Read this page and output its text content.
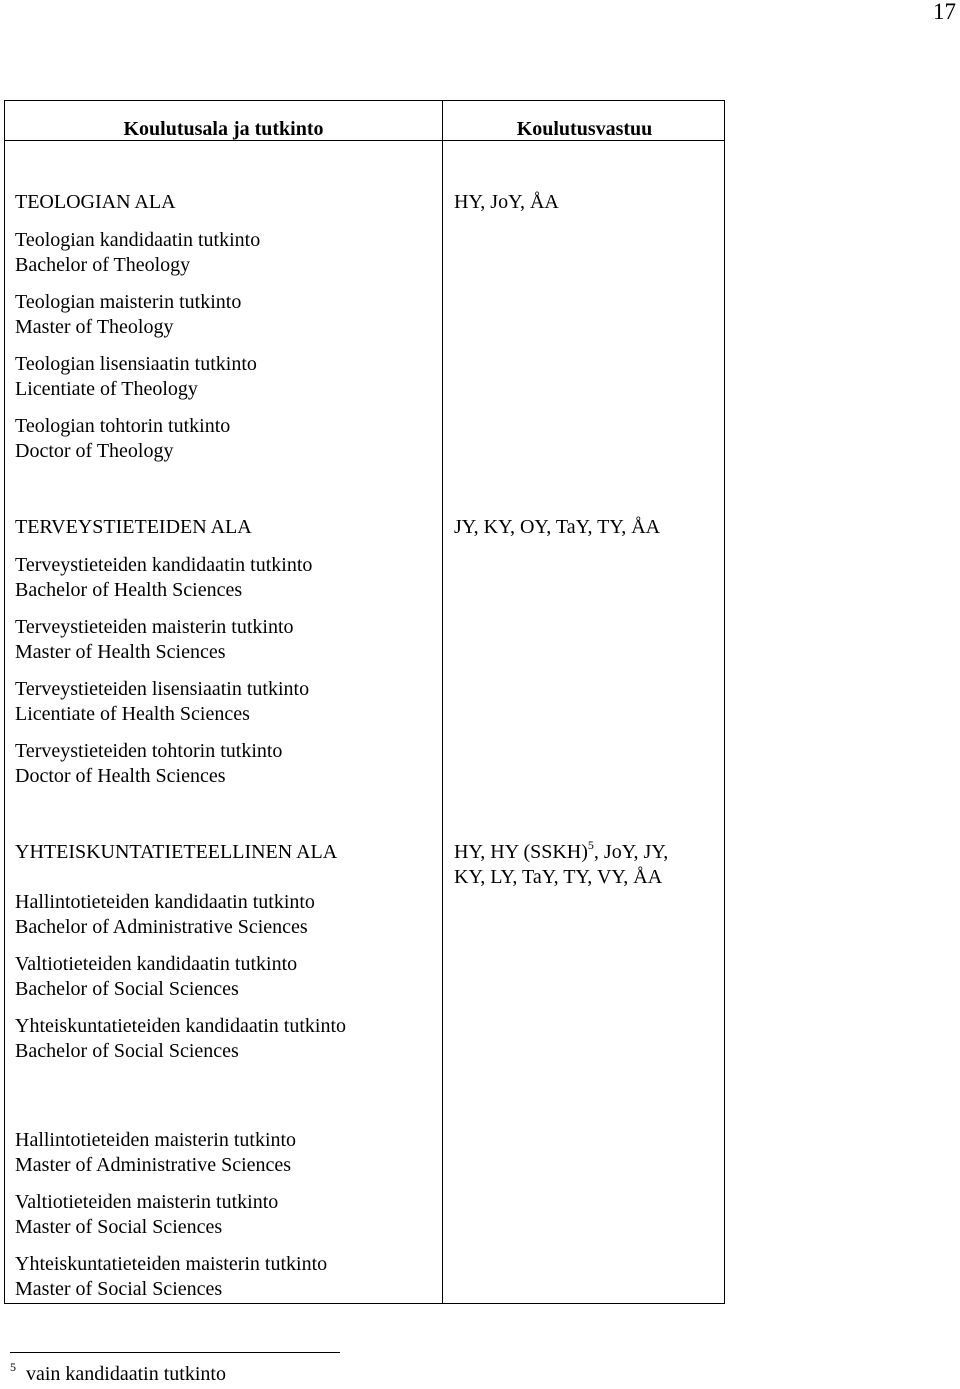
17
Koulutusala ja tutkinto	Koulutusvastuu
TEOLOGIAN ALA
Teologian kandidaatin tutkinto
Bachelor of Theology
Teologian maisterin tutkinto
Master of Theology
Teologian lisensiaatin tutkinto
Licentiate of Theology
Teologian tohtorin tutkinto
Doctor of Theology
HY, JoY, ÅA
TERVEYSTIETEIDEN ALA
Terveystieteiden kandidaatin tutkinto
Bachelor of Health Sciences
Terveystieteiden maisterin tutkinto
Master of Health Sciences
Terveystieteiden lisensiaatin tutkinto
Licentiate of Health Sciences
Terveystieteiden tohtorin tutkinto
Doctor of Health Sciences
JY, KY, OY, TaY, TY, ÅA
YHTEISKUNTATIETEELLINEN ALA
Hallintotieteiden kandidaatin tutkinto
Bachelor of Administrative Sciences
Valtiotieteiden kandidaatin tutkinto
Bachelor of Social Sciences
Yhteiskuntatieteiden kandidaatin tutkinto
Bachelor of Social Sciences
HY, HY (SSKH)$^5$, JoY, JY,
KY, LY, TaY, TY, VY, ÅA
Hallintotieteiden maisterin tutkinto
Master of Administrative Sciences
Valtiotieteiden maisterin tutkinto
Master of Social Sciences
Yhteiskuntatieteiden maisterin tutkinto
Master of Social Sciences
$^5$ vain kandidaatin tutkinto
